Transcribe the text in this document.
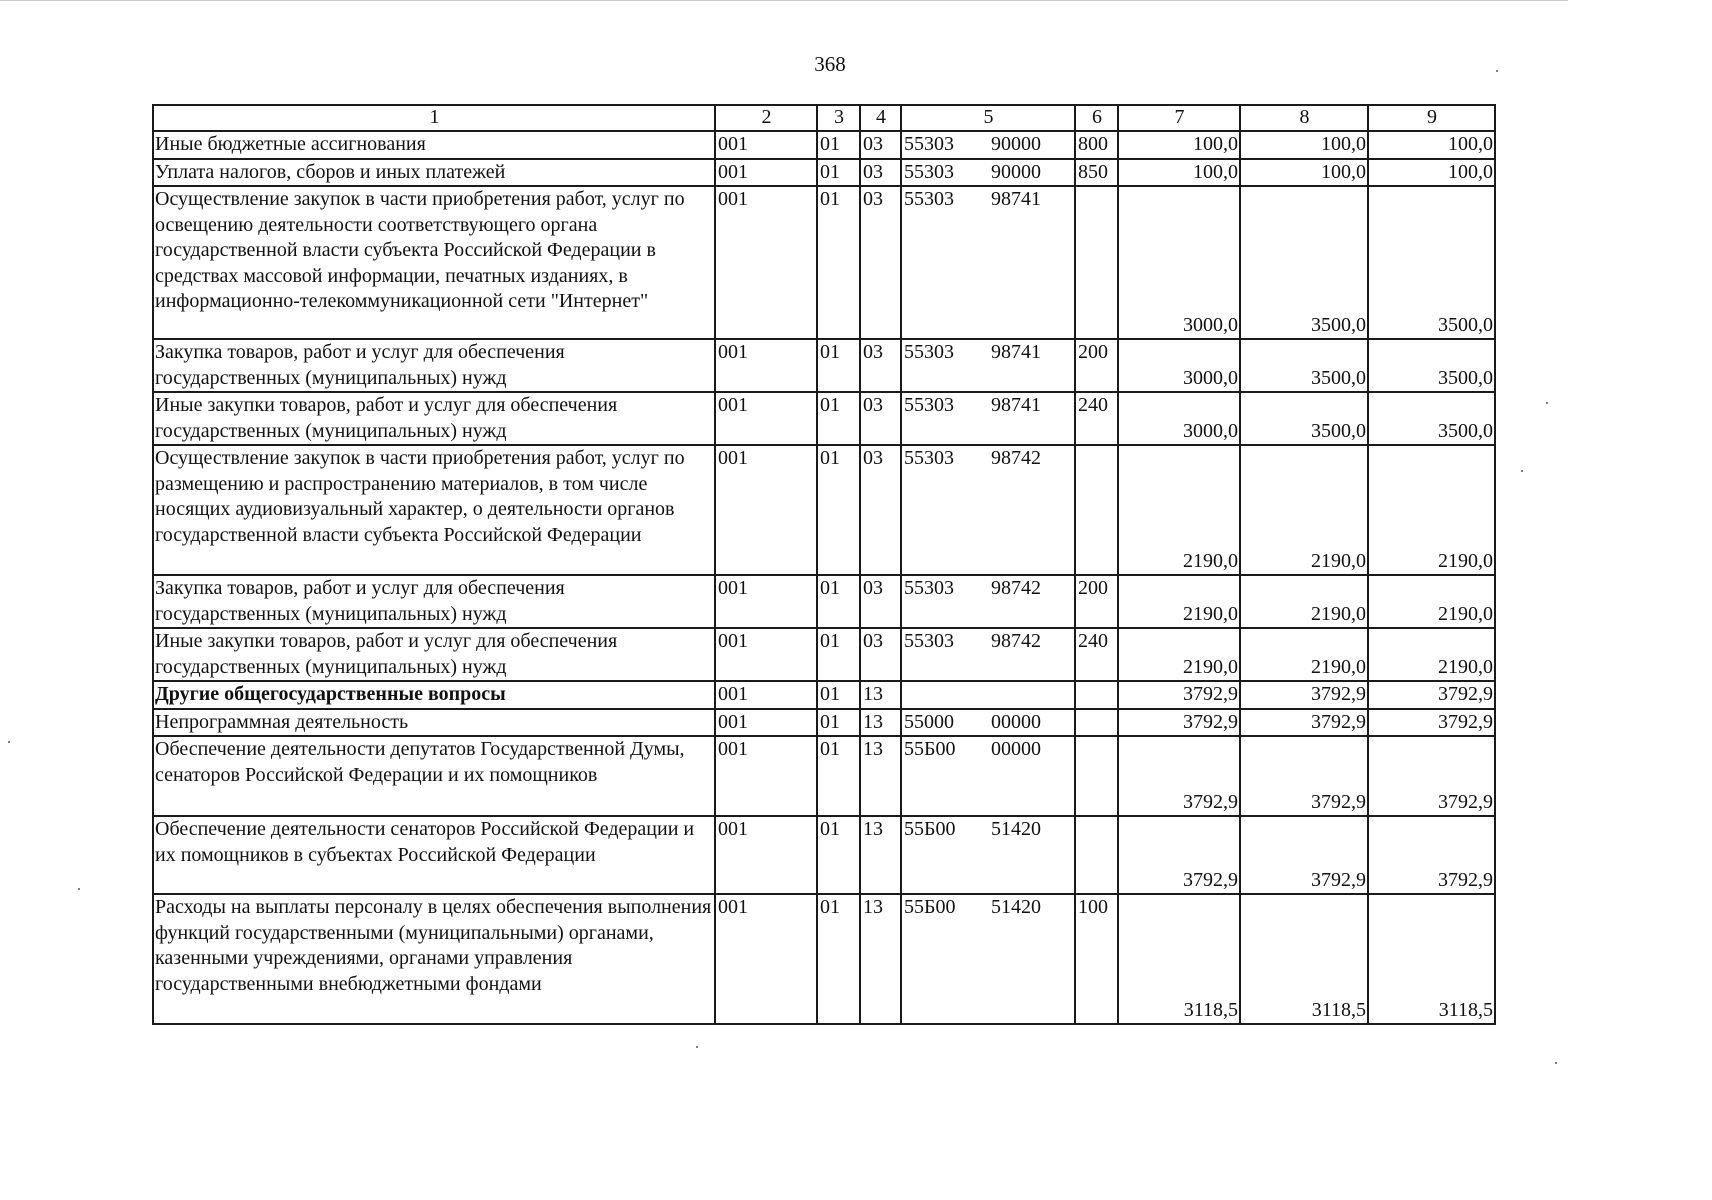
368
1	2	3	4	5	6	7	8	9
Иные бюджетные ассигнования	001	01	03	55303 90000	800	100,0	100,0	100,0
Уплата налогов, сборов и иных платежей	001	01	03	55303 90000	850	100,0	100,0	100,0
Осуществление закупок в части приобретения работ, услуг по освещению деятельности соответствующего органа государственной власти субъекта Российской Федерации в средствах массовой информации, печатных изданиях, в информационно-телекоммуникационной сети "Интернет"	001	01	03	55303 98741		3000,0	3500,0	3500,0
Закупка товаров, работ и услуг для обеспечения государственных (муниципальных) нужд	001	01	03	55303 98741	200	3000,0	3500,0	3500,0
Иные закупки товаров, работ и услуг для обеспечения государственных (муниципальных) нужд	001	01	03	55303 98741	240	3000,0	3500,0	3500,0
Осуществление закупок в части приобретения работ, услуг по размещению и распространению материалов, в том числе носящих аудиовизуальный характер, о деятельности органов государственной власти субъекта Российской Федерации	001	01	03	55303 98742		2190,0	2190,0	2190,0
Закупка товаров, работ и услуг для обеспечения государственных (муниципальных) нужд	001	01	03	55303 98742	200	2190,0	2190,0	2190,0
Иные закупки товаров, работ и услуг для обеспечения государственных (муниципальных) нужд	001	01	03	55303 98742	240	2190,0	2190,0	2190,0
Другие общегосударственные вопросы	001	01	13			3792,9	3792,9	3792,9
Непрограммная деятельность	001	01	13	55000 00000		3792,9	3792,9	3792,9
Обеспечение деятельности депутатов Государственной Думы, сенаторов Российской Федерации и их помощников	001	01	13	55Б00 00000		3792,9	3792,9	3792,9
Обеспечение деятельности сенаторов Российской Федерации и их помощников в субъектах Российской Федерации	001	01	13	55Б00 51420		3792,9	3792,9	3792,9
Расходы на выплаты персоналу в целях обеспечения выполнения функций государственными (муниципальными) органами, казенными учреждениями, органами управления государственными внебюджетными фондами	001	01	13	55Б00 51420	100	3118,5	3118,5	3118,5
